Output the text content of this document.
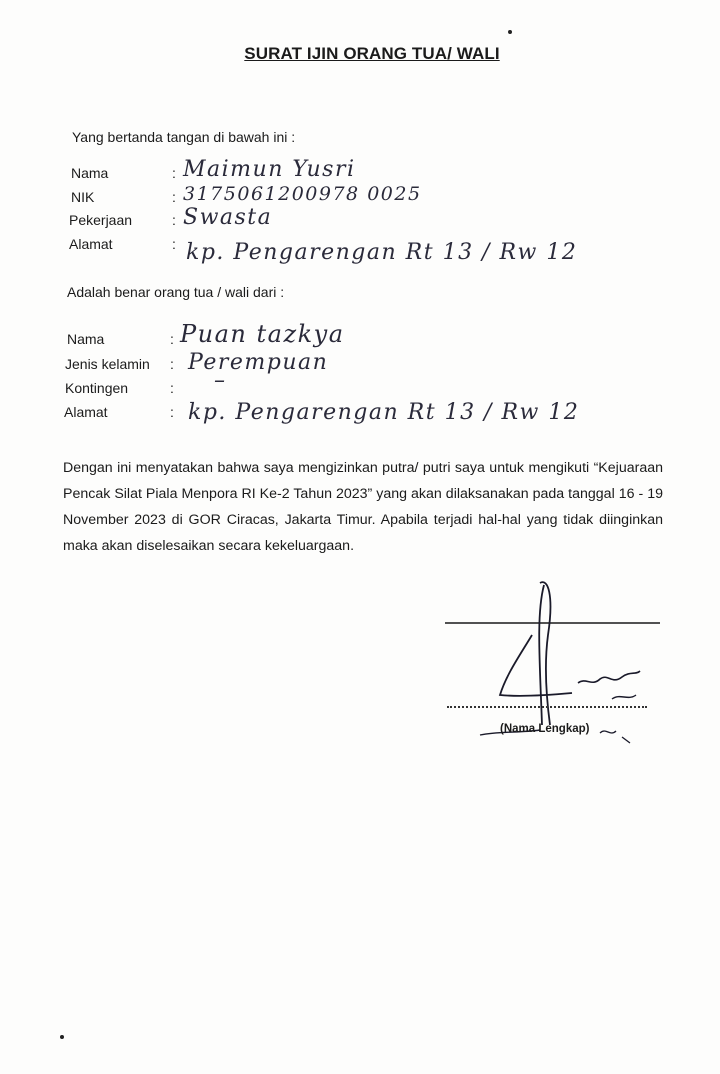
SURAT IJIN ORANG TUA/ WALI
Yang bertanda tangan di bawah ini :
Nama	: Maimun Yusri
NIK	: 3175061200978 0025
Pekerjaan	: Swasta
Alamat	: kp. Pengarengan Rt 13 / Rw 12
Adalah benar orang tua / wali dari :
Nama	: Puan tazkya
Jenis kelamin : Perempuan
Kontingen	: –
Alamat	: kp. Pengarengan Rt 13 / Rw 12
Dengan ini menyatakan bahwa saya mengizinkan putra/ putri saya untuk mengikuti “Kejuaraan Pencak Silat Piala Menpora RI Ke-2 Tahun 2023” yang akan dilaksanakan pada tanggal 16 - 19 November 2023 di GOR Ciracas, Jakarta Timur. Apabila terjadi hal-hal yang tidak diinginkan maka akan diselesaikan secara kekeluargaan.
(Nama Lengkap)
